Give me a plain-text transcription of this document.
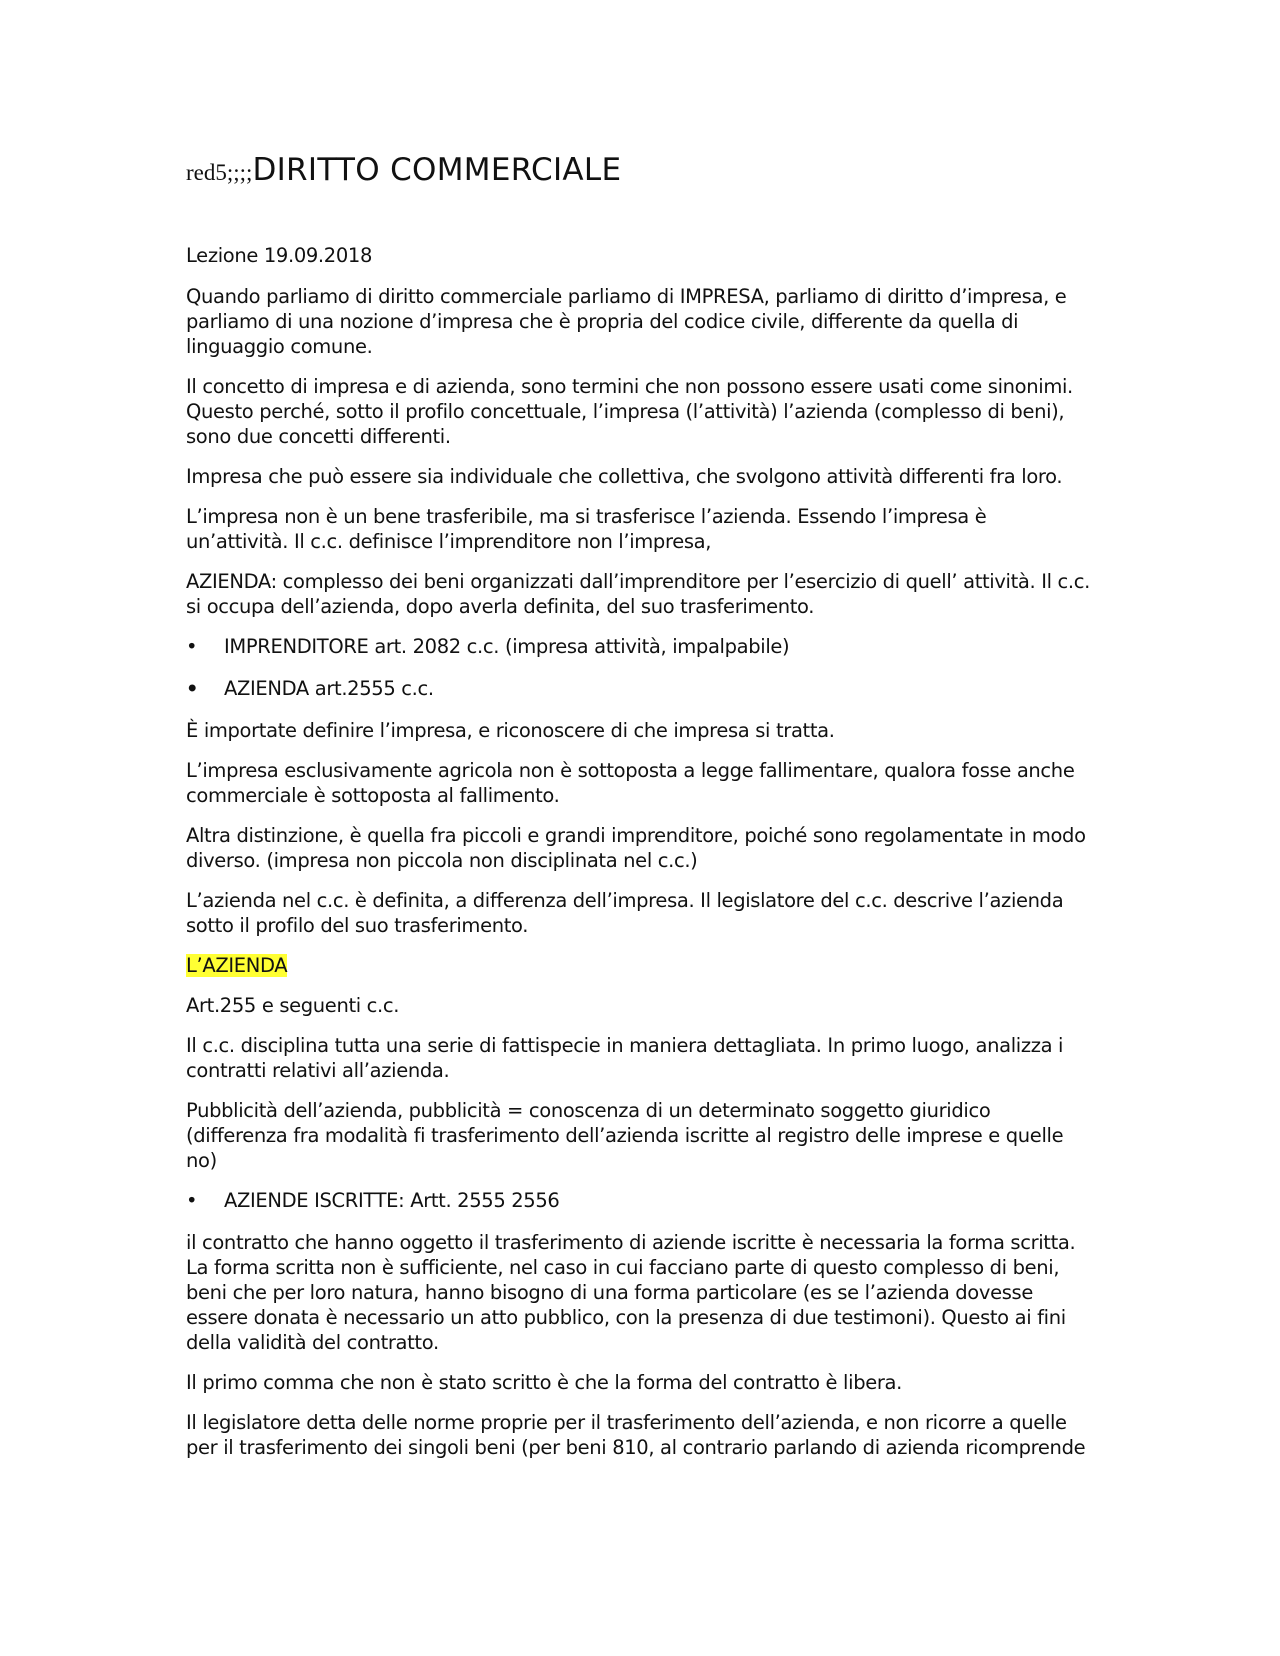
red5;;;;DIRITTO COMMERCIALE

Lezione 19.09.2018

Quando parliamo di diritto commerciale parliamo di IMPRESA, parliamo di diritto d’impresa, e parliamo di una nozione d’impresa che è propria del codice civile, differente da quella di linguaggio comune.

Il concetto di impresa e di azienda, sono termini che non possono essere usati come sinonimi. Questo perché, sotto il profilo concettuale, l’impresa (l’attività) l’azienda (complesso di beni), sono due concetti differenti.

Impresa che può essere sia individuale che collettiva, che svolgono attività differenti fra loro.

L’impresa non è un bene trasferibile, ma si trasferisce l’azienda. Essendo l’impresa è un’attività. Il c.c. definisce l’imprenditore non l’impresa,

AZIENDA: complesso dei beni organizzati dall’imprenditore per l’esercizio di quell’ attività. Il c.c. si occupa dell’azienda, dopo averla definita, del suo trasferimento.

•	IMPRENDITORE art. 2082 c.c. (impresa attività, impalpabile)
•	AZIENDA art.2555 c.c.

È importate definire l’impresa, e riconoscere di che impresa si tratta.

L’impresa esclusivamente agricola non è sottoposta a legge fallimentare, qualora fosse anche commerciale è sottoposta al fallimento.

Altra distinzione, è quella fra piccoli e grandi imprenditore, poiché sono regolamentate in modo diverso. (impresa non piccola non disciplinata nel c.c.)

L’azienda nel c.c. è definita, a differenza dell’impresa. Il legislatore del c.c. descrive l’azienda sotto il profilo del suo trasferimento.

L’AZIENDA

Art.255 e seguenti c.c.

Il c.c. disciplina tutta una serie di fattispecie in maniera dettagliata. In primo luogo, analizza i contratti relativi all’azienda.

Pubblicità dell’azienda, pubblicità = conoscenza di un determinato soggetto giuridico (differenza fra modalità fi trasferimento dell’azienda iscritte al registro delle imprese e quelle no)

•	AZIENDE ISCRITTE: Artt. 2555 2556

il contratto che hanno oggetto il trasferimento di aziende iscritte è necessaria la forma scritta. La forma scritta non è sufficiente, nel caso in cui facciano parte di questo complesso di beni, beni che per loro natura, hanno bisogno di una forma particolare (es se l’azienda dovesse essere donata è necessario un atto pubblico, con la presenza di due testimoni). Questo ai fini della validità del contratto.

Il primo comma che non è stato scritto è che la forma del contratto è libera.

Il legislatore detta delle norme proprie per il trasferimento dell’azienda, e non ricorre a quelle per il trasferimento dei singoli beni (per beni 810, al contrario parlando di azienda ricomprende
